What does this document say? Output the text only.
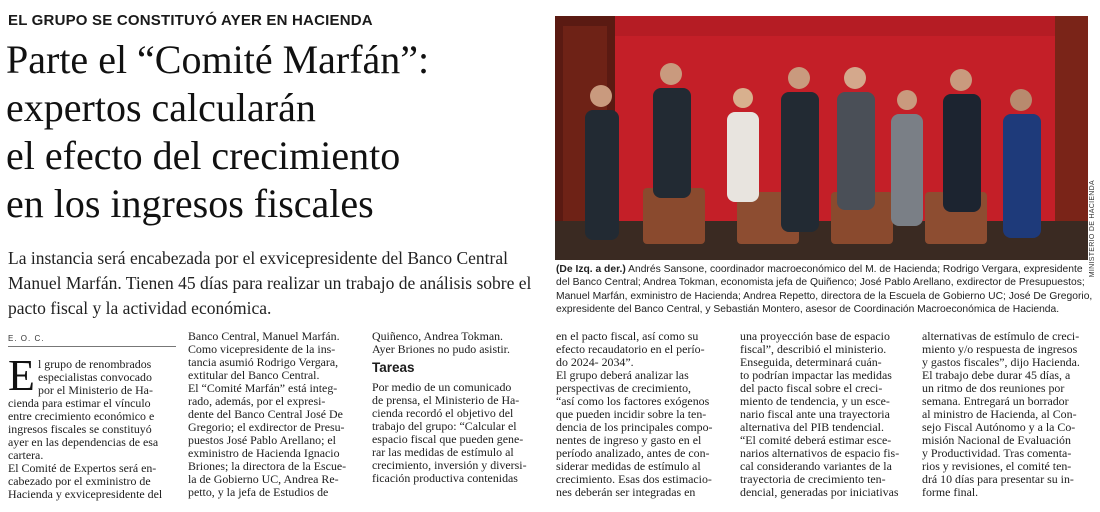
EL GRUPO SE CONSTITUYÓ AYER EN HACIENDA
Parte el “Comité Marfán”:
expertos calcularán
el efecto del crecimiento
en los ingresos fiscales
La instancia será encabezada por el exvicepresidente del Banco Central
Manuel Marfán. Tienen 45 días para realizar un trabajo de análisis sobre el
pacto fiscal y la actividad económica.
MINISTERIO DE HACIENDA
(De Izq. a der.) Andrés Sansone, coordinador macroeconómico del M. de Hacienda; Rodrigo Vergara, expresidente
del Banco Central; Andrea Tokman, economista jefa de Quiñenco; José Pablo Arellano, exdirector de Presupuestos;
Manuel Marfán, exministro de Hacienda; Andrea Repetto, directora de la Escuela de Gobierno UC; José De Gregorio,
expresidente del Banco Central, y Sebastián Montero, asesor de Coordinación Macroeconómica de Hacienda.
E. O. C.
E l grupo de renombrados
especialistas convocado
por el Ministerio de Ha-
cienda para estimar el vínculo
entre crecimiento económico e
ingresos fiscales se constituyó
ayer en las dependencias de esa
cartera.
El Comité de Expertos será en-
cabezado por el exministro de
Hacienda y exvicepresidente del
Banco Central, Manuel Marfán.
Como vicepresidente de la ins-
tancia asumió Rodrigo Vergara,
extitular del Banco Central.
El “Comité Marfán” está integ-
rado, además, por el expresi-
dente del Banco Central José De
Gregorio; el exdirector de Presu-
puestos José Pablo Arellano; el
exministro de Hacienda Ignacio
Briones; la directora de la Escue-
la de Gobierno UC, Andrea Re-
petto, y la jefa de Estudios de
Quiñenco, Andrea Tokman.
Ayer Briones no pudo asistir.
Tareas
Por medio de un comunicado
de prensa, el Ministerio de Ha-
cienda recordó el objetivo del
trabajo del grupo: “Calcular el
espacio fiscal que pueden gene-
rar las medidas de estímulo al
crecimiento, inversión y diversi-
ficación productiva contenidas
en el pacto fiscal, así como su
efecto recaudatorio en el perío-
do 2024- 2034”.
El grupo deberá analizar las
perspectivas de crecimiento,
“así como los factores exógenos
que pueden incidir sobre la ten-
dencia de los principales compo-
nentes de ingreso y gasto en el
período analizado, antes de con-
siderar medidas de estímulo al
crecimiento. Esas dos estimacio-
nes deberán ser integradas en
una proyección base de espacio
fiscal”, describió el ministerio.
Enseguida, determinará cuán-
to podrían impactar las medidas
del pacto fiscal sobre el creci-
miento de tendencia, y un esce-
nario fiscal ante una trayectoria
alternativa del PIB tendencial.
“El comité deberá estimar esce-
narios alternativos de espacio fis-
cal considerando variantes de la
trayectoria de crecimiento ten-
dencial, generadas por iniciativas
alternativas de estímulo de creci-
miento y/o respuesta de ingresos
y gastos fiscales”, dijo Hacienda.
El trabajo debe durar 45 días, a
un ritmo de dos reuniones por
semana. Entregará un borrador
al ministro de Hacienda, al Con-
sejo Fiscal Autónomo y a la Co-
misión Nacional de Evaluación
y Productividad. Tras comenta-
rios y revisiones, el comité ten-
drá 10 días para presentar su in-
forme final.
